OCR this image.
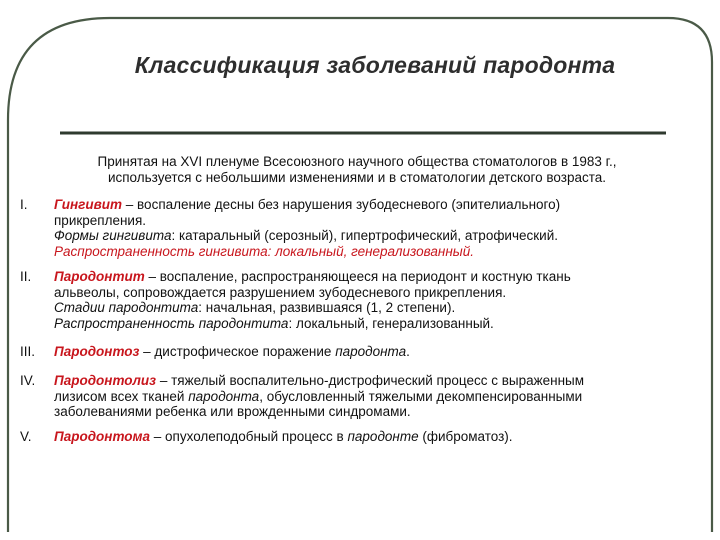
Классификация заболеваний пародонта
Принятая на XVI пленуме Всесоюзного научного общества стоматологов в 1983 г.,
используется с небольшими изменениями и в стоматологии детского возраста.
I.	Гингивит – воспаление десны без нарушения зубодесневого (эпителиального)
прикрепления.
Формы гингивита: катаральный (серозный), гипертрофический, атрофический.
Распространенность гингивита: локальный, генерализованный.
II.	Пародонтит – воспаление, распространяющееся на периодонт и костную ткань
альвеолы, сопровождается разрушением зубодесневого прикрепления.
Стадии пародонтита: начальная, развившаяся (1, 2 степени).
Распространенность пародонтита: локальный, генерализованный.
III.	Пародонтоз – дистрофическое поражение пародонта.
IV.	Пародонтолиз – тяжелый воспалительно-дистрофический процесс с выраженным
лизисом всех тканей пародонта, обусловленный тяжелыми декомпенсированными
заболеваниями ребенка или врожденными синдромами.
V.	Пародонтома – опухолеподобный процесс в пародонте (фиброматоз).
